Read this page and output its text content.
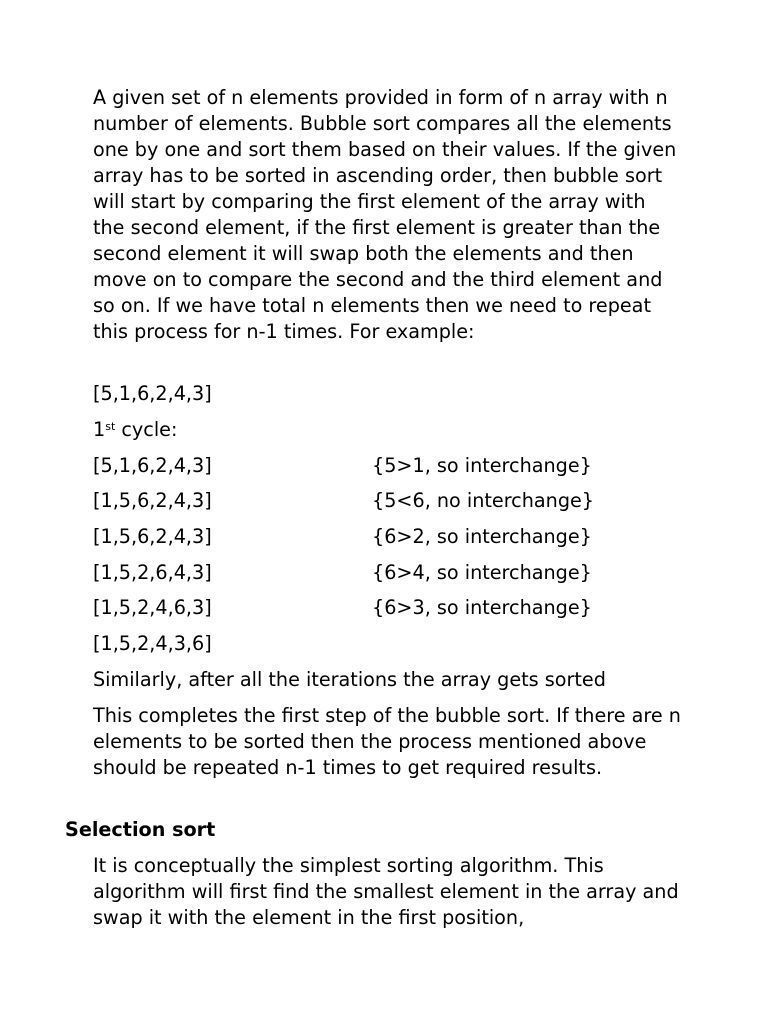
A given set of n elements provided in form of n array with n number of elements. Bubble sort compares all the elements one by one and sort them based on their values. If the given array has to be sorted in ascending order, then bubble sort will start by comparing the first element of the array with the second element, if the first element is greater than the second element it will swap both the elements and then move on to compare the second and the third element and so on. If we have total n elements then we need to repeat this process for n-1 times. For example:

[5,1,6,2,4,3]
1st cycle:
[5,1,6,2,4,3]	{5>1, so interchange}
[1,5,6,2,4,3]	{5<6, no interchange}
[1,5,6,2,4,3]	{6>2, so interchange}
[1,5,2,6,4,3]	{6>4, so interchange}
[1,5,2,4,6,3]	{6>3, so interchange}
[1,5,2,4,3,6]
Similarly, after all the iterations the array gets sorted

This completes the first step of the bubble sort. If there are n elements to be sorted then the process mentioned above should be repeated n-1 times to get required results.

Selection sort

It is conceptually the simplest sorting algorithm. This algorithm will first find the smallest element in the array and swap it with the element in the first position,
